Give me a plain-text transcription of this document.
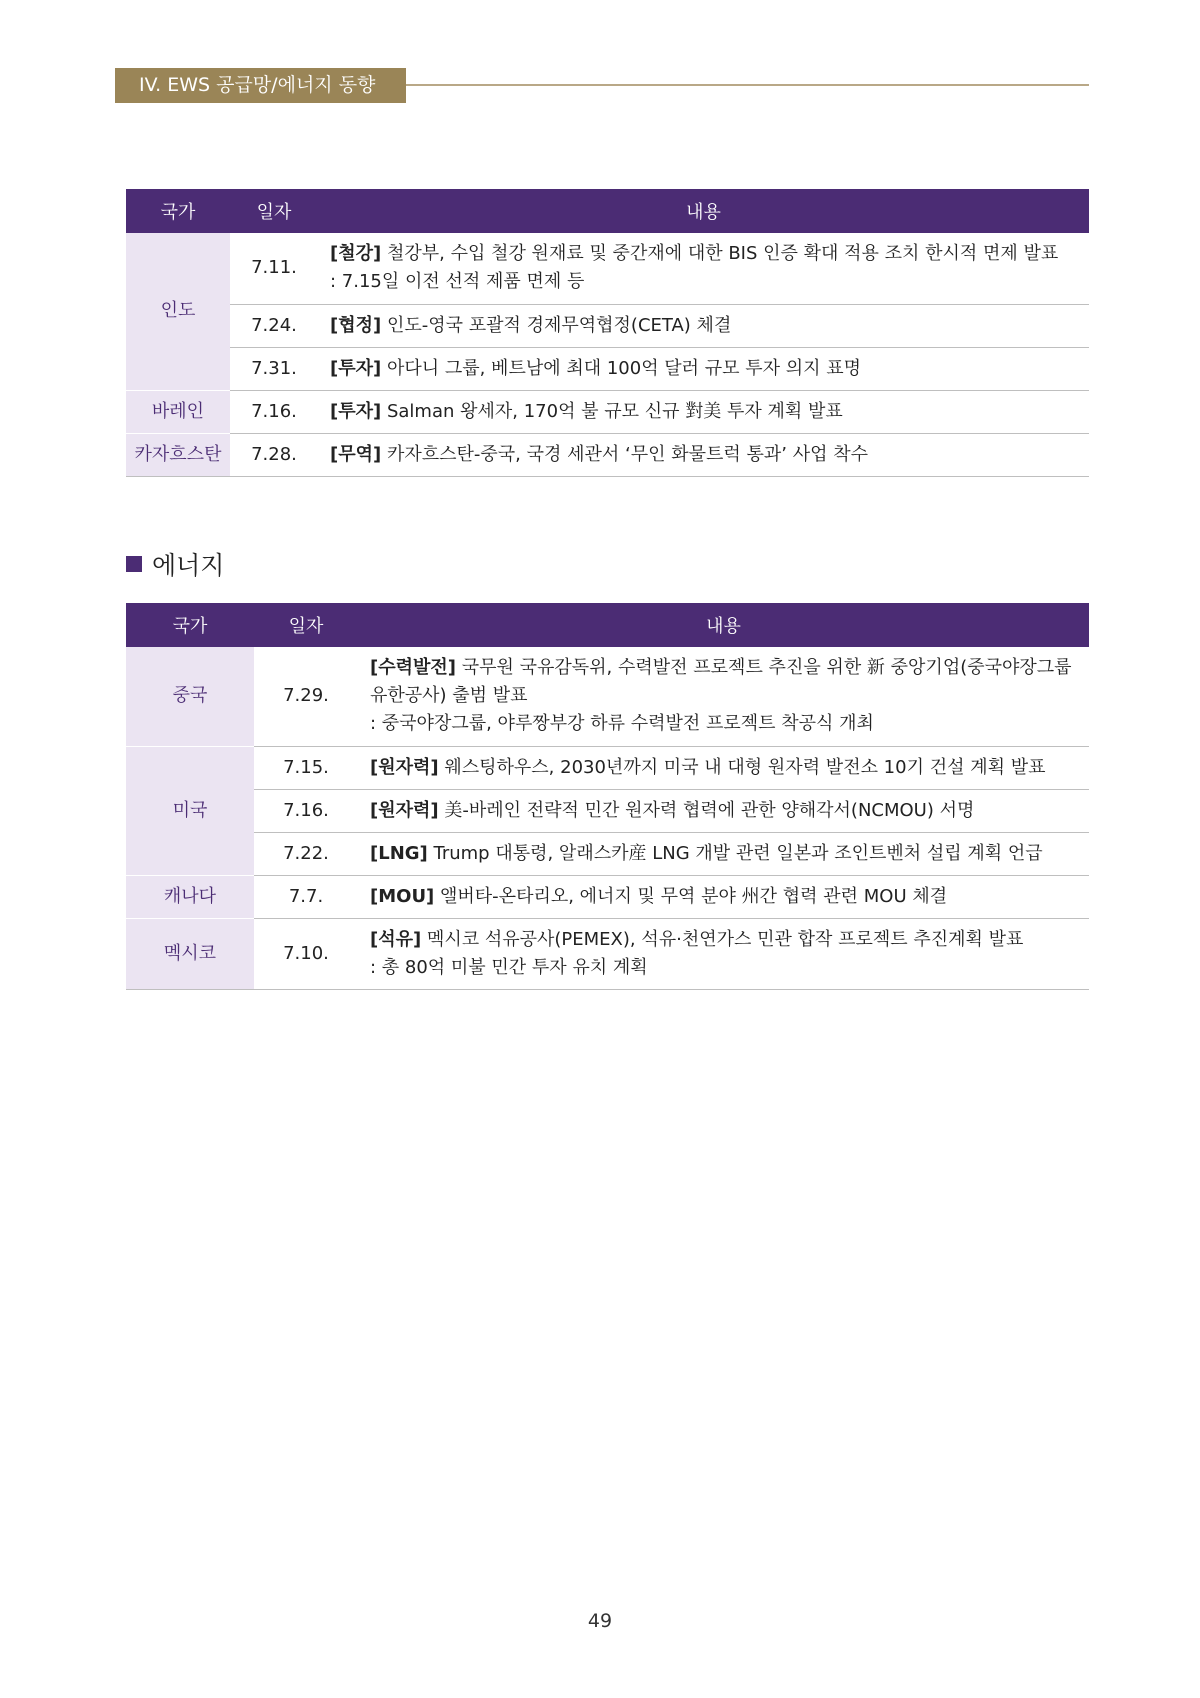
IV. EWS 공급망/에너지 동향
국가	일자	내용
인도	7.11.	[철강] 철강부, 수입 철강 원재료 및 중간재에 대한 BIS 인증 확대 적용 조치 한시적 면제 발표
: 7.15일 이전 선적 제품 면제 등

	7.24.	[협정] 인도-영국 포괄적 경제무역협정(CETA) 체결
	7.31.	[투자] 아다니 그룹, 베트남에 최대 100억 달러 규모 투자 의지 표명
바레인	7.16.	[투자] Salman 왕세자, 170억 불 규모 신규 對美 투자 계획 발표
카자흐스탄	7.28.	[무역] 카자흐스탄-중국, 국경 세관서 ‘무인 화물트럭 통과’ 사업 착수
에너지
국가	일자	내용
중국	7.29.	[수력발전] 국무원 국유감독위, 수력발전 프로젝트 추진을 위한 新 중앙기업(중국야장그룹유한공사) 출범 발표
: 중국야장그룹, 야루짱부강 하류 수력발전 프로젝트 착공식 개최

미국	7.15.	[원자력] 웨스팅하우스, 2030년까지 미국 내 대형 원자력 발전소 10기 건설 계획 발표
	7.16.	[원자력] 美-바레인 전략적 민간 원자력 협력에 관한 양해각서(NCMOU) 서명
	7.22.	[LNG] Trump 대통령, 알래스카産 LNG 개발 관련 일본과 조인트벤처 설립 계획 언급
캐나다	7.7.	[MOU] 앨버타-온타리오, 에너지 및 무역 분야 州간 협력 관련 MOU 체결
멕시코	7.10.	[석유] 멕시코 석유공사(PEMEX), 석유·천연가스 민관 합작 프로젝트 추진계획 발표
: 총 80억 미불 민간 투자 유치 계획
49
